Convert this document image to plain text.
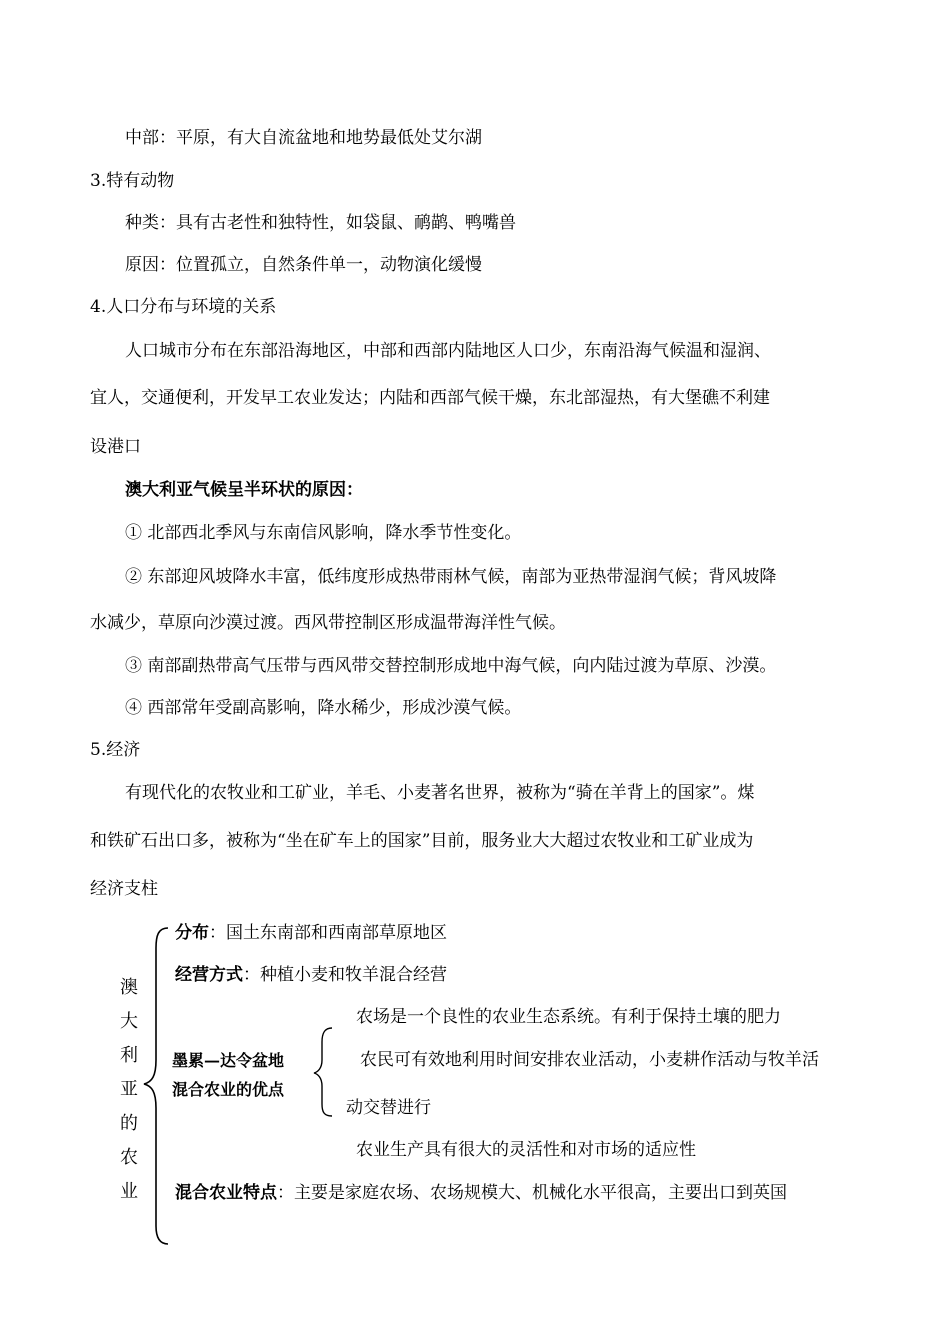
中部：平原，有大自流盆地和地势最低处艾尔湖
3.特有动物
种类：具有古老性和独特性，如袋鼠、鸸鹋、鸭嘴兽
原因：位置孤立，自然条件单一，动物演化缓慢
4.人口分布与环境的关系
人口城市分布在东部沿海地区，中部和西部内陆地区人口少，东南沿海气候温和湿润、
宜人，交通便利，开发早工农业发达；内陆和西部气候干燥，东北部湿热，有大堡礁不利建
设港口
澳大利亚气候呈半环状的原因：
① 北部西北季风与东南信风影响，降水季节性变化。
② 东部迎风坡降水丰富，低纬度形成热带雨林气候，南部为亚热带湿润气候；背风坡降
水减少，草原向沙漠过渡。西风带控制区形成温带海洋性气候。
③ 南部副热带高气压带与西风带交替控制形成地中海气候，向内陆过渡为草原、沙漠。
④ 西部常年受副高影响，降水稀少，形成沙漠气候。
5.经济
有现代化的农牧业和工矿业，羊毛、小麦著名世界，被称为“骑在羊背上的国家”。煤
和铁矿石出口多，被称为“坐在矿车上的国家”目前，服务业大大超过农牧业和工矿业成为
经济支柱
澳
大
利
亚
的
农
业
分布：国土东南部和西南部草原地区
经营方式：种植小麦和牧羊混合经营
墨累—达令盆地
混合农业的优点
农场是一个良性的农业生态系统。有利于保持土壤的肥力
农民可有效地利用时间安排农业活动，小麦耕作活动与牧羊活
动交替进行
农业生产具有很大的灵活性和对市场的适应性
混合农业特点：主要是家庭农场、农场规模大、机械化水平很高，主要出口到英国
